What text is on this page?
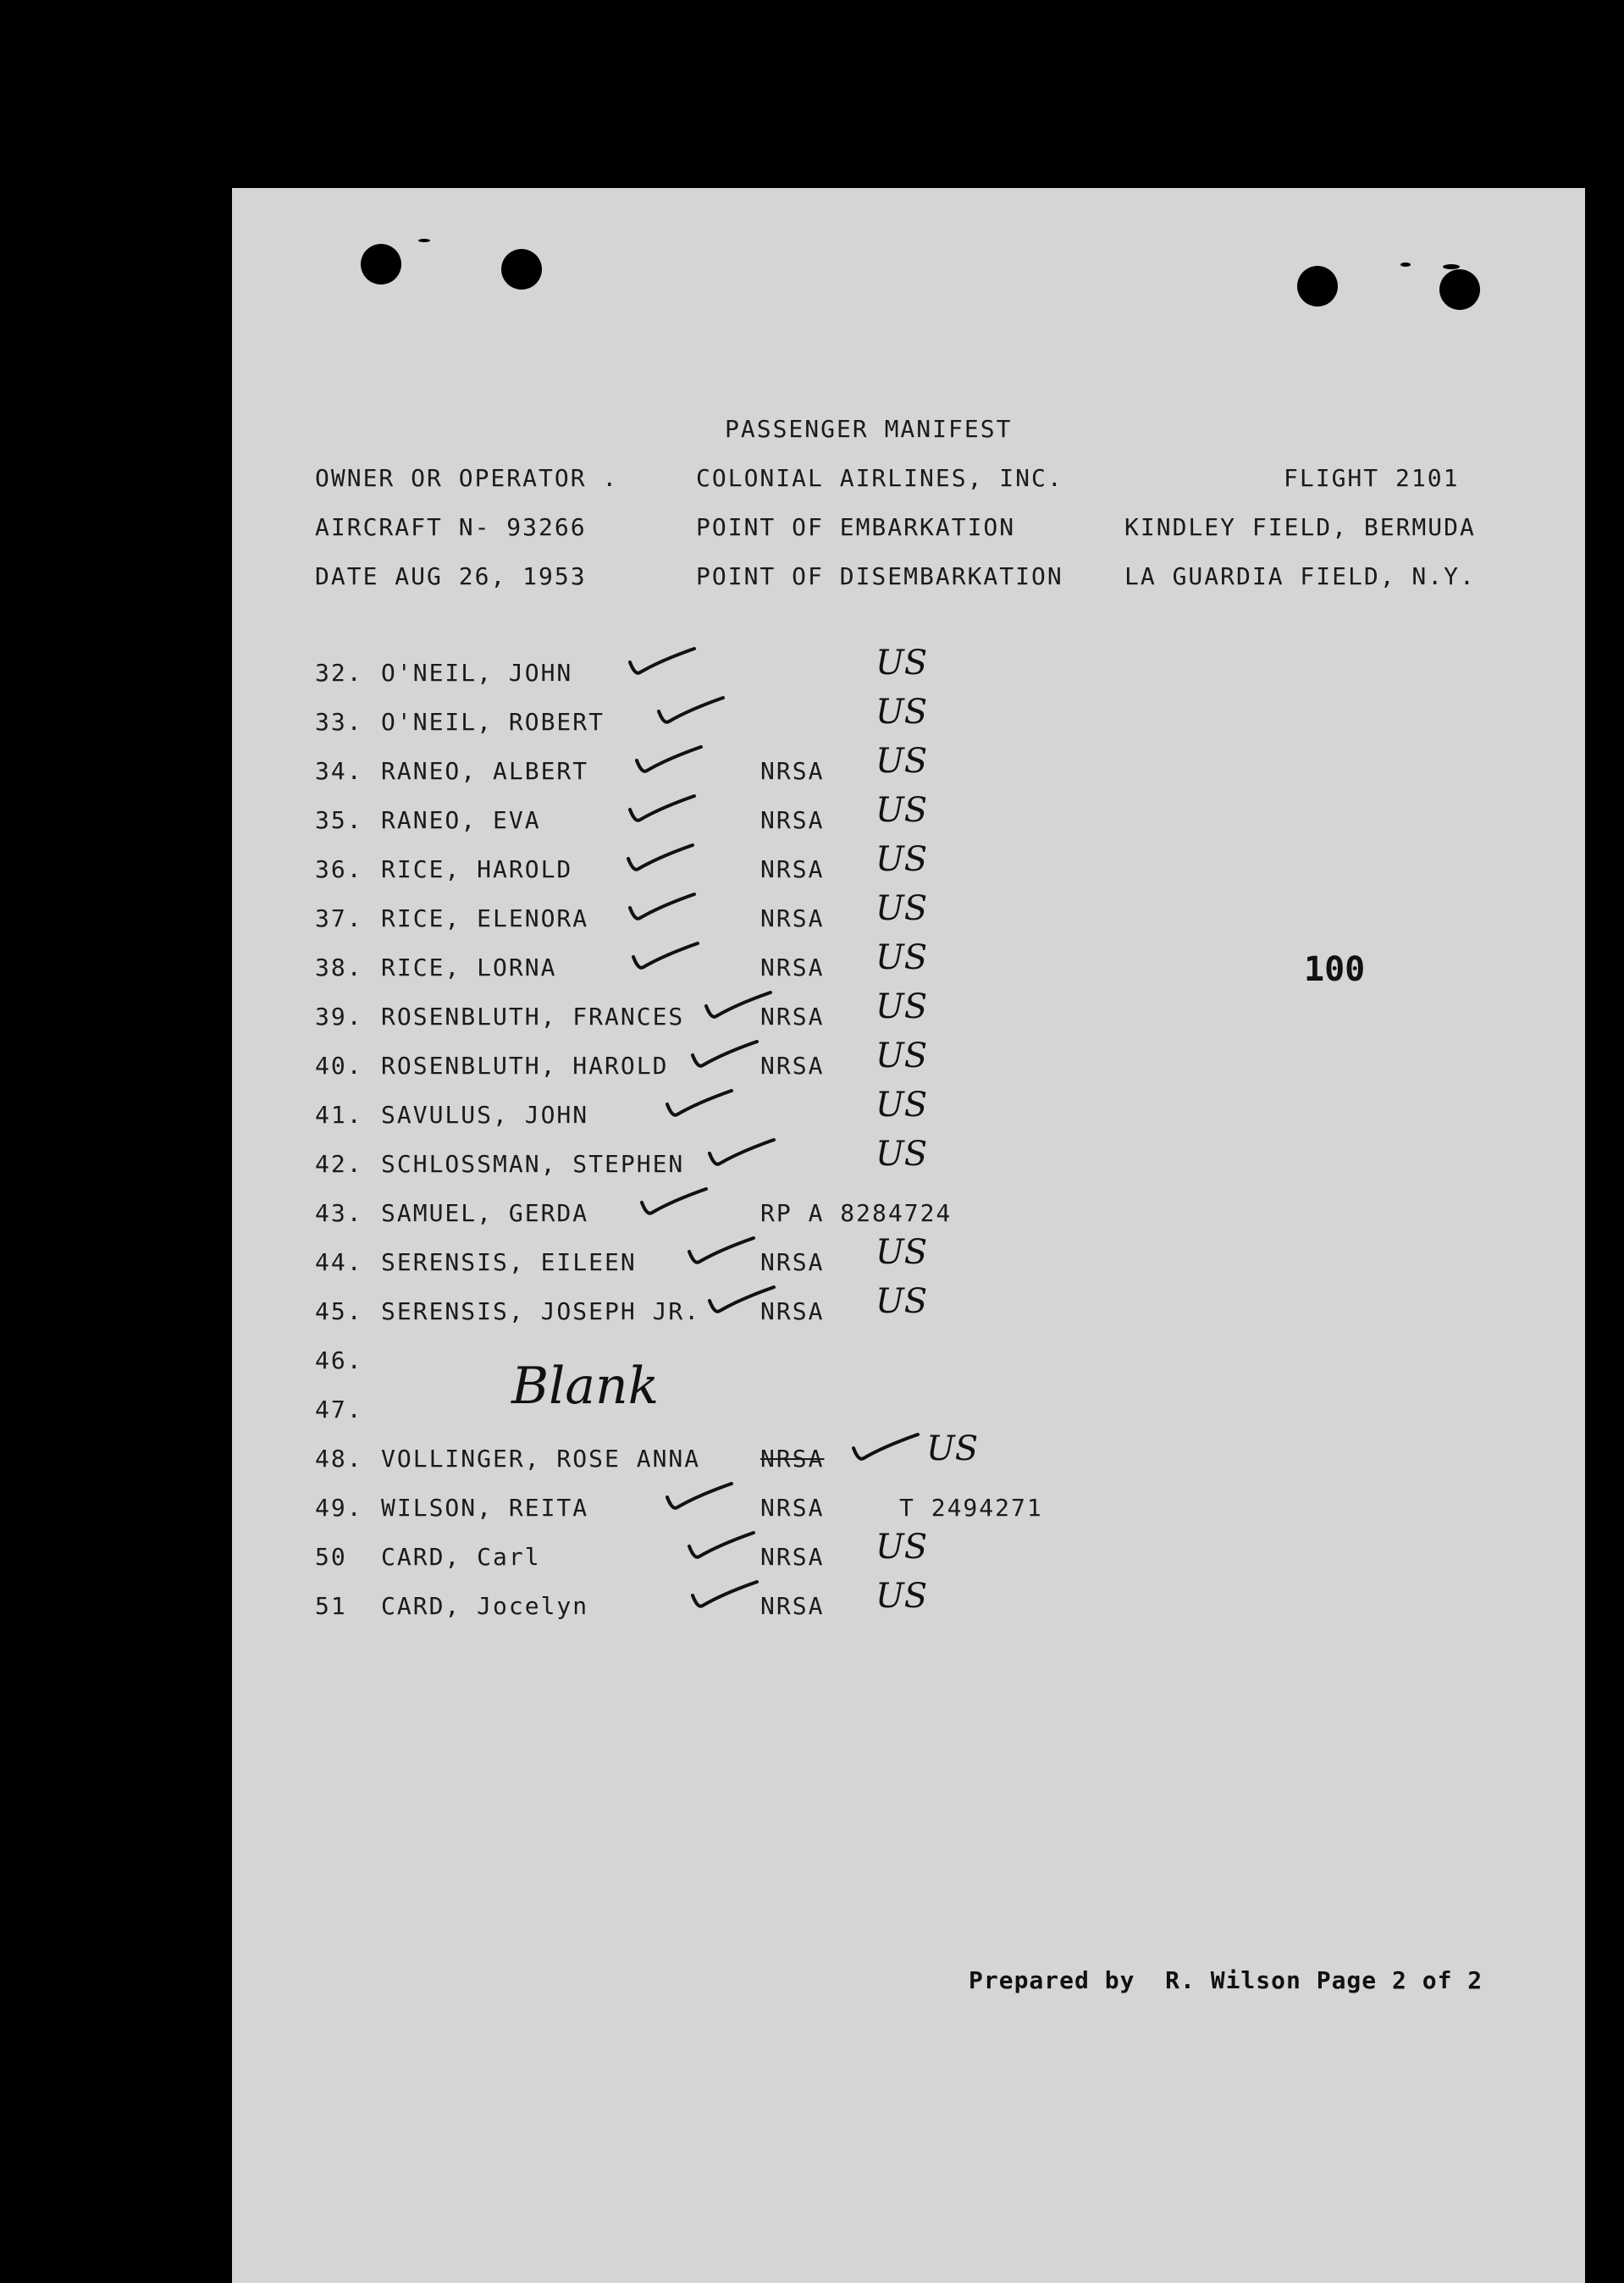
PASSENGER MANIFEST
OWNER OR OPERATOR .	COLONIAL AIRLINES, INC.	FLIGHT 2101
AIRCRAFT N- 93266	POINT OF EMBARKATION	KINDLEY FIELD, BERMUDA
DATE AUG 26, 1953	POINT OF DISEMBARKATION	LA GUARDIA FIELD, N.Y.
32. O'NEIL, JOHN	US
33. O'NEIL, ROBERT	US
34. RANEO, ALBERT	NRSA US
35. RANEO, EVA	NRSA US
36. RICE, HAROLD	NRSA US
37. RICE, ELENORA	NRSA US
38. RICE, LORNA	NRSA US
39. ROSENBLUTH, FRANCES	NRSA US
40. ROSENBLUTH, HAROLD	NRSA US
41. SAVULUS, JOHN	US
42. SCHLOSSMAN, STEPHEN	US
43. SAMUEL, GERDA	RP A 8284724
44. SERENSIS, EILEEN	NRSA US
45. SERENSIS, JOSEPH JR.	NRSA US
46.
47.
48. VOLLINGER, ROSE ANNA	NRSA	US
49. WILSON, REITA	NRSA	T 2494271
50 CARD, Carl	NRSA US
51 CARD, Jocelyn	NRSA US
Blank
100
Prepared by  R. Wilson Page 2 of 2
